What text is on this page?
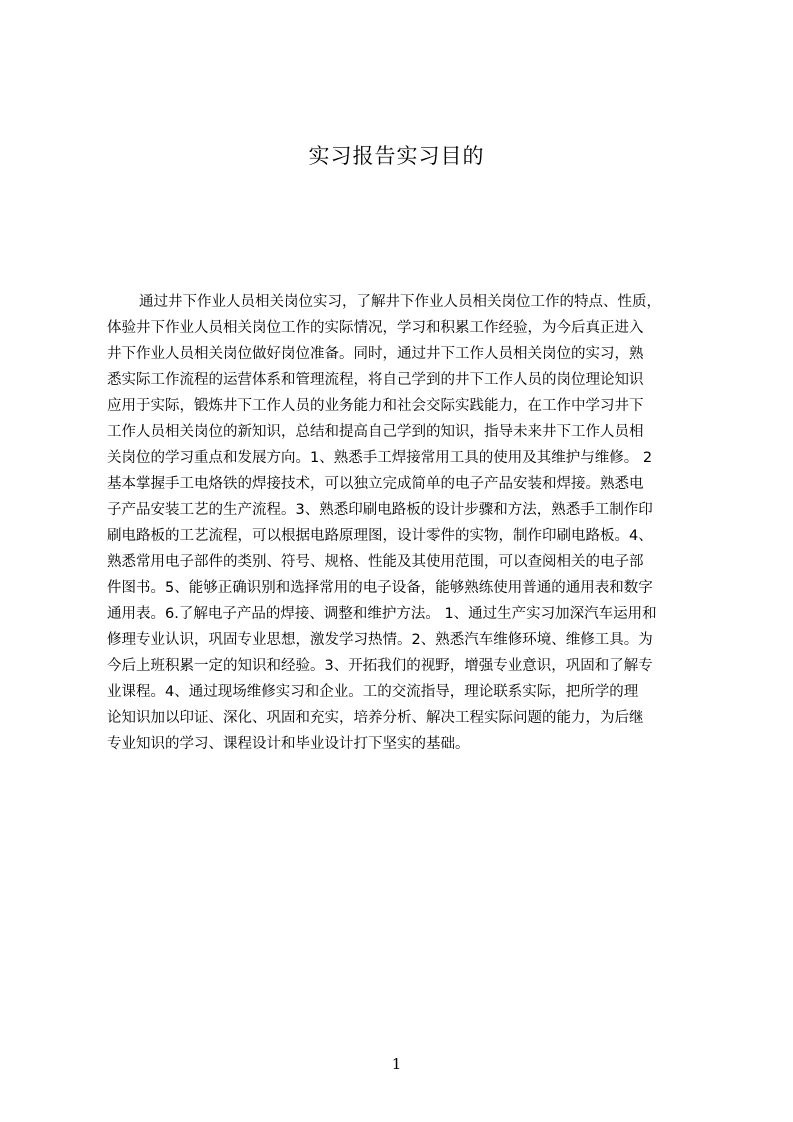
实习报告实习目的
通过井下作业人员相关岗位实习，了解井下作业人员相关岗位工作的特点、性质，
体验井下作业人员相关岗位工作的实际情况，学习和积累工作经验，为今后真正进入
井下作业人员相关岗位做好岗位准备。同时，通过井下工作人员相关岗位的实习，熟
悉实际工作流程的运营体系和管理流程，将自己学到的井下工作人员的岗位理论知识
应用于实际，锻炼井下工作人员的业务能力和社会交际实践能力，在工作中学习井下
工作人员相关岗位的新知识，总结和提高自己学到的知识，指导未来井下工作人员相
关岗位的学习重点和发展方向。1、熟悉手工焊接常用工具的使用及其维护与维修。 2
基本掌握手工电烙铁的焊接技术，可以独立完成简单的电子产品安装和焊接。熟悉电
子产品安装工艺的生产流程。3、熟悉印刷电路板的设计步骤和方法，熟悉手工制作印
刷电路板的工艺流程，可以根据电路原理图，设计零件的实物，制作印刷电路板。4、
熟悉常用电子部件的类别、符号、规格、性能及其使用范围，可以查阅相关的电子部
件图书。5、能够正确识别和选择常用的电子设备，能够熟练使用普通的通用表和数字
通用表。6.了解电子产品的焊接、调整和维护方法。 1、通过生产实习加深汽车运用和
修理专业认识，巩固专业思想，激发学习热情。2、熟悉汽车维修环境、维修工具。为
今后上班积累一定的知识和经验。3、开拓我们的视野，增强专业意识，巩固和了解专
业课程。4、通过现场维修实习和企业。工的交流指导，理论联系实际，把所学的理
论知识加以印证、深化、巩固和充实，培养分析、解决工程实际问题的能力，为后继
专业知识的学习、课程设计和毕业设计打下坚实的基础。
1
